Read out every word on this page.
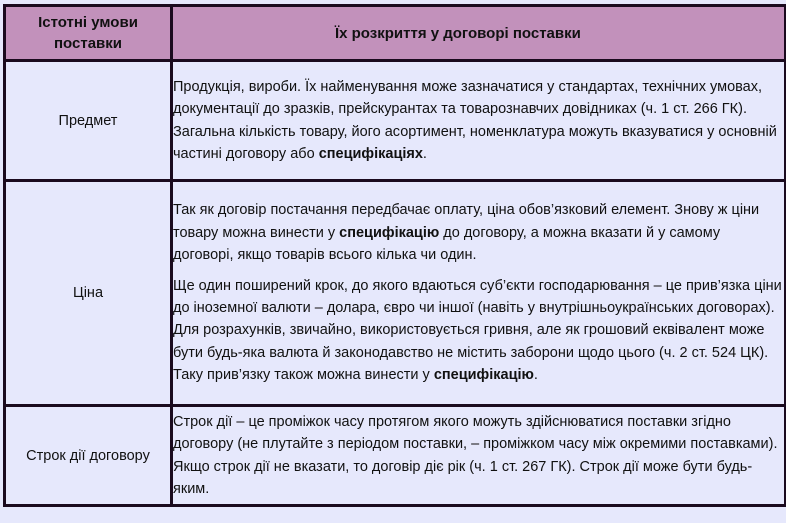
Істотні умови поставки	Їх розкриття у договорі поставки
Предмет	Продукція, вироби. Їх найменування може зазначатися у стандартах, технічних умовах, документації до зразків, прейскурантах та товарознавчих довідниках (ч. 1 ст. 266 ГК). Загальна кількість товару, його асортимент, номенклатура можуть вказуватися у основній частині договору або специфікаціях.

Ціна	Так як договір постачання передбачає оплату, ціна обов’язковий елемент. Знову ж ціни товару можна винести у специфікацію до договору, а можна вказати й у самому договорі, якщо товарів всього кілька чи один.

Ще один поширений крок, до якого вдаються суб’єкти господарювання – це прив’язка ціни до іноземної валюти – долара, євро чи іншої (навіть у внутрішньоукраїнських договорах). Для розрахунків, звичайно, використовується гривня, але як грошовий еквівалент може бути будь-яка валюта й законодавство не містить заборони щодо цього (ч. 2 ст. 524 ЦК). Таку прив’язку також можна винести у специфікацію.

Строк дії договору	Строк дії – це проміжок часу протягом якого можуть здійснюватися поставки згідно договору (не плутайте з періодом поставки, – проміжком часу між окремими поставками). Якщо строк дії не вказати, то договір діє рік (ч. 1 ст. 267 ГК). Строк дії може бути будь-яким.
